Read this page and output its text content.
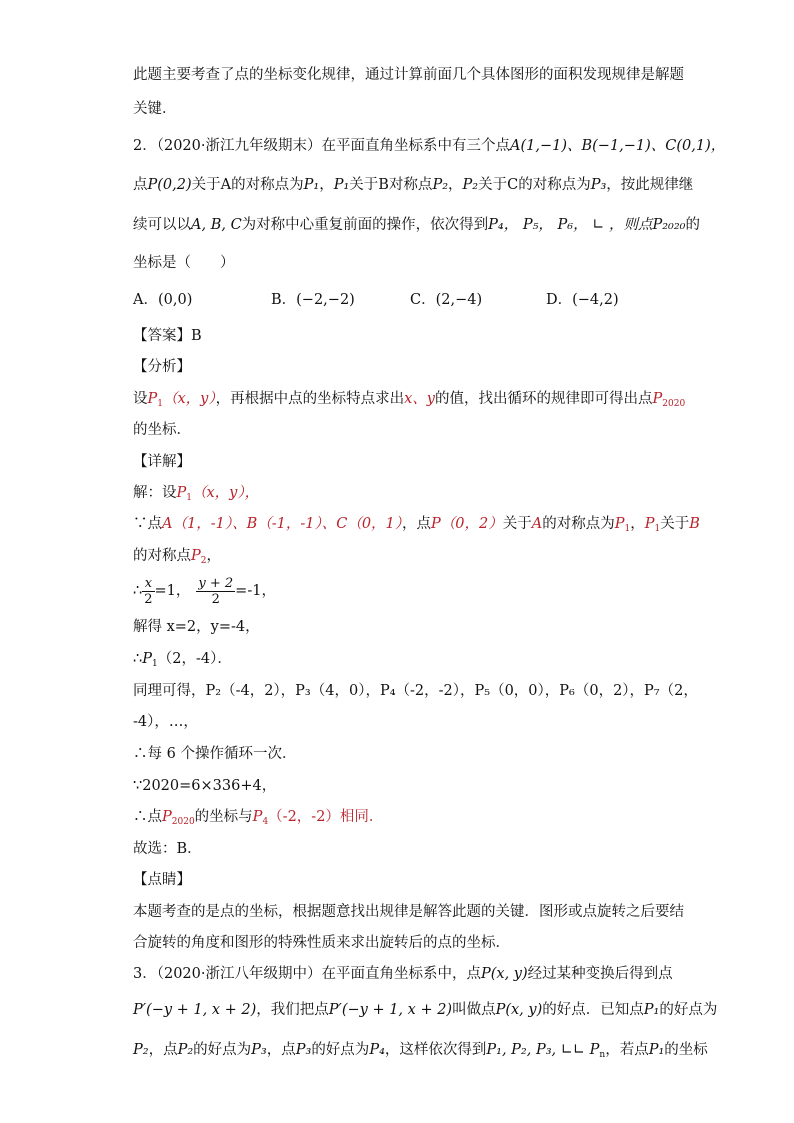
此题主要考查了点的坐标变化规律，通过计算前面几个具体图形的面积发现规律是解题
关键．
2．（2020·浙江九年级期末）在平面直角坐标系中有三个点A(1,−1)、B(−1,−1)、C(0,1)，
点P(0,2)关于A的对称点为P₁，P₁关于B对称点P₂，P₂关于C的对称点为P₃，按此规律继
续可以以A, B, C为对称中心重复前面的操作，依次得到P₄， P₅， P₆， ∟ ，则点P₂₀₂₀的
坐标是（　　）
A．(0,0)	B．(−2,−2)	C．(2,−4)	D．(−4,2)
【答案】B
【分析】
设$P_1(x$，y），再根据中点的坐标特点求出x、y的值，找出循环的规律即可得出点$P_{2020}$
的坐标．
【详解】
解：设$P_1(x$，y），
∵点A（1，-1）、B（-1，-1）、C（0，1），点P（0，2）关于A的对称点为$P_1$，$P_1$关于B
的对称点$P_2$，
∴ $\frac{x}{2} =1$， $\frac{y + 2}{2} =-1$，
解得 x=2，y=-4，
$\therefore P_1(2$，-4）．
同理可得，P₂（-4，2），P₃（4，0），P₄（-2，-2），P₅（0，0），P₆（0，2），P₇（2，
-4），…，
∴每 6 个操作循环一次．
∵2020=6×336+4，
∴点$P_{2020}$的坐标与$P_4(-2$，-2）相同．
故选：B．
【点睛】
本题考查的是点的坐标，根据题意找出规律是解答此题的关键．图形或点旋转之后要结
合旋转的角度和图形的特殊性质来求出旋转后的点的坐标．
3．（2020·浙江八年级期中）在平面直角坐标系中，点P(x, y)经过某种变换后得到点
P′(−y + 1, x + 2)，我们把点P′(−y + 1, x + 2)叫做点P(x, y)的好点．已知点P₁的好点为
P₂，点P₂的好点为P₃，点P₃的好点为P₄，这样依次得到P₁, P₂, P₃, ∟∟ $P_n$，若点P₁的坐标
